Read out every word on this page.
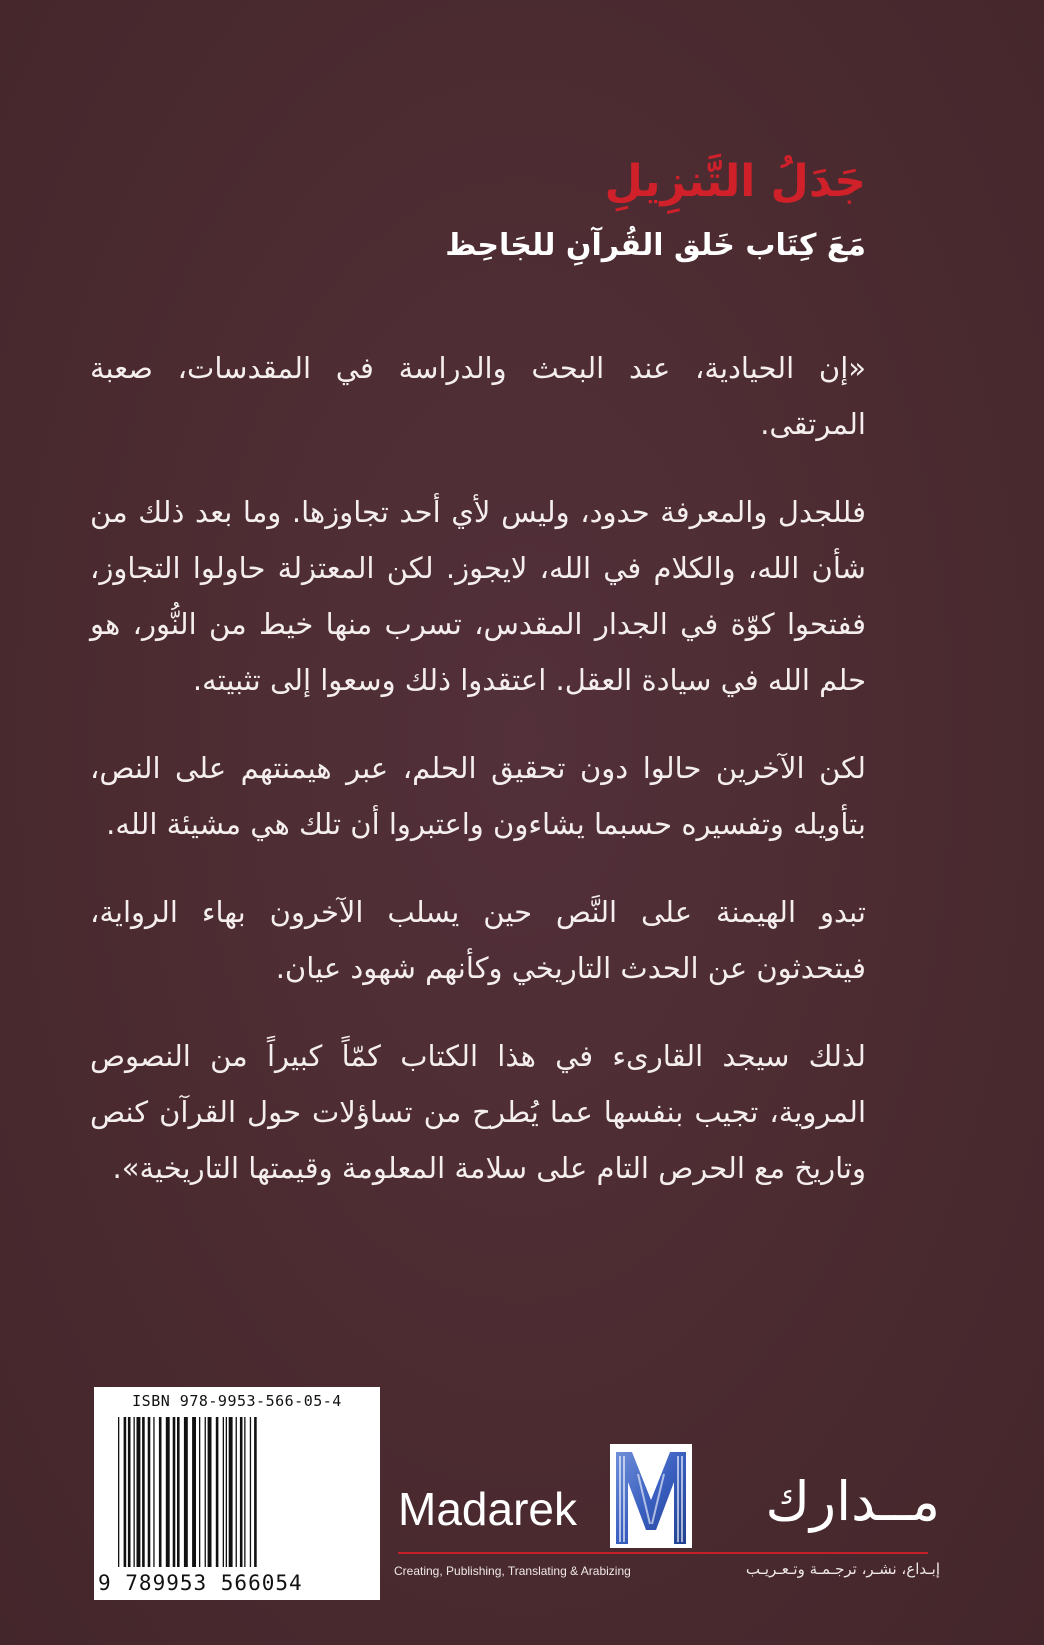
جَدَلُ التَّنزِيلِ
مَعَ كِتَاب خَلق القُرآنِ للجَاحِظ

«إن الحيادية، عند البحث والدراسة في المقدسات، صعبة المرتقى.

فللجدل والمعرفة حدود، وليس لأي أحد تجاوزها. وما بعد ذلك من شأن الله، والكلام في الله، لايجوز. لكن المعتزلة حاولوا التجاوز، ففتحوا كوّة في الجدار المقدس، تسرب منها خيط من النُّور، هو حلم الله في سيادة العقل. اعتقدوا ذلك وسعوا إلى تثبيته.

لكن الآخرين حالوا دون تحقيق الحلم، عبر هيمنتهم على النص، بتأويله وتفسيره حسبما يشاءون واعتبروا أن تلك هي مشيئة الله.

تبدو الهيمنة على النَّص حين يسلب الآخرون بهاء الرواية، فيتحدثون عن الحدث التاريخي وكأنهم شهود عيان.

لذلك سيجد القارىء في هذا الكتاب كمّاً كبيراً من النصوص المروية، تجيب بنفسها عما يُطرح من تساؤلات حول القرآن كنص وتاريخ مع الحرص التام على سلامة المعلومة وقيمتها التاريخية».

ISBN 978-9953-566-05-4
9 789953 566054
Madarek	مــدارك
Creating, Publishing, Translating & Arabizing	إبـداع، نشـر، ترجـمـة وتـعـريـب
